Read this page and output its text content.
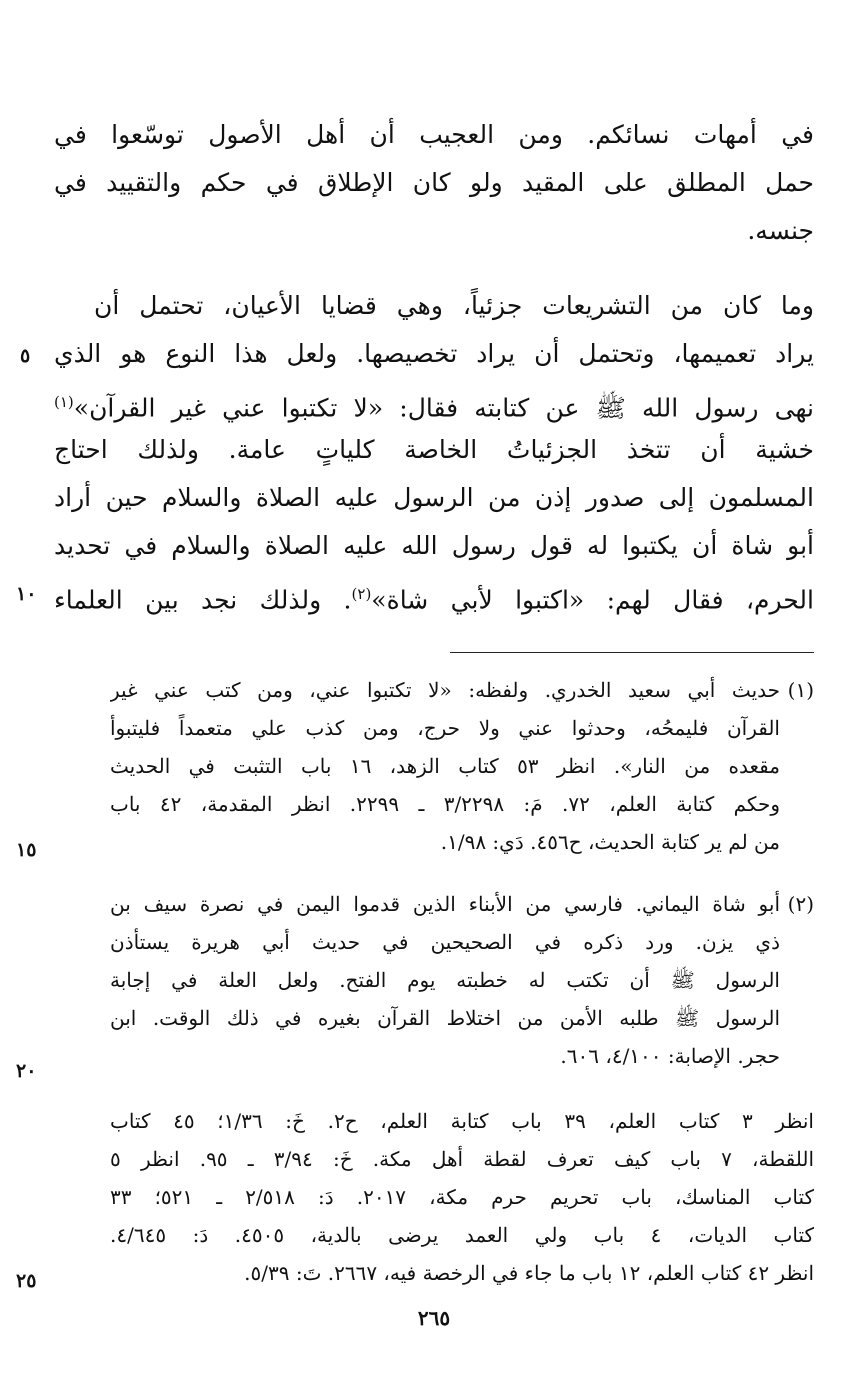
في أمهات نسائكم. ومن العجيب أن أهل الأصول توسّعوا في
حمل المطلق على المقيد ولو كان الإطلاق في حكم والتقييد في
جنسه.
وما كان من التشريعات جزئياً، وهي قضايا الأعيان، تحتمل أن
يراد تعميمها، وتحتمل أن يراد تخصيصها. ولعل هذا النوع هو الذي
نهى رسول الله ﷺ عن كتابته فقال: «لا تكتبوا عني غير القرآن»$^{(١)}$
خشية أن تتخذ الجزئياتُ الخاصة كلياتٍ عامة. ولذلك احتاج
المسلمون إلى صدور إذن من الرسول عليه الصلاة والسلام حين أراد
أبو شاة أن يكتبوا له قول رسول الله عليه الصلاة والسلام في تحديد
الحرم، فقال لهم: «اكتبوا لأبي شاة»$^{(٢)}$. ولذلك نجد بين العلماء
(١)
حديث أبي سعيد الخدري. ولفظه: «لا تكتبوا عني، ومن كتب عني غير
القرآن فليمحُه، وحدثوا عني ولا حرج، ومن كذب علي متعمداً فليتبوأ
مقعده من النار». انظر ٥٣ كتاب الزهد، ١٦ باب التثبت في الحديث
وحكم كتابة العلم، ٧٢. مَ: ٣/٢٢٩٨ ـ ٢٢٩٩. انظر المقدمة، ٤٢ باب
من لم ير كتابة الحديث، ح٤٥٦. دَي: ١/٩٨.
(٢)
أبو شاة اليماني. فارسي من الأبناء الذين قدموا اليمن في نصرة سيف بن
ذي يزن. ورد ذكره في الصحيحين في حديث أبي هريرة يستأذن
الرسول ﷺ أن تكتب له خطبته يوم الفتح. ولعل العلة في إجابة
الرسول ﷺ طلبه الأمن من اختلاط القرآن بغيره في ذلك الوقت. ابن
حجر. الإصابة: ٤/١٠٠، ٦٠٦.
انظر ٣ كتاب العلم، ٣٩ باب كتابة العلم، ح٢. خَ: ١/٣٦؛ ٤٥ كتاب
اللقطة، ٧ باب كيف تعرف لقطة أهل مكة. خَ: ٣/٩٤ ـ ٩٥. انظر ٥
كتاب المناسك، باب تحريم حرم مكة، ٢٠١٧. دَ: ٢/٥١٨ ـ ٥٢١؛ ٣٣
كتاب الديات، ٤ باب ولي العمد يرضى بالدية، ٤٥٠٥. دَ: ٤/٦٤٥.
انظر ٤٢ كتاب العلم، ١٢ باب ما جاء في الرخصة فيه، ٢٦٦٧. تَ: ٥/٣٩.
٥
١٠
١٥
٢٠
٢٥
٢٦٥
